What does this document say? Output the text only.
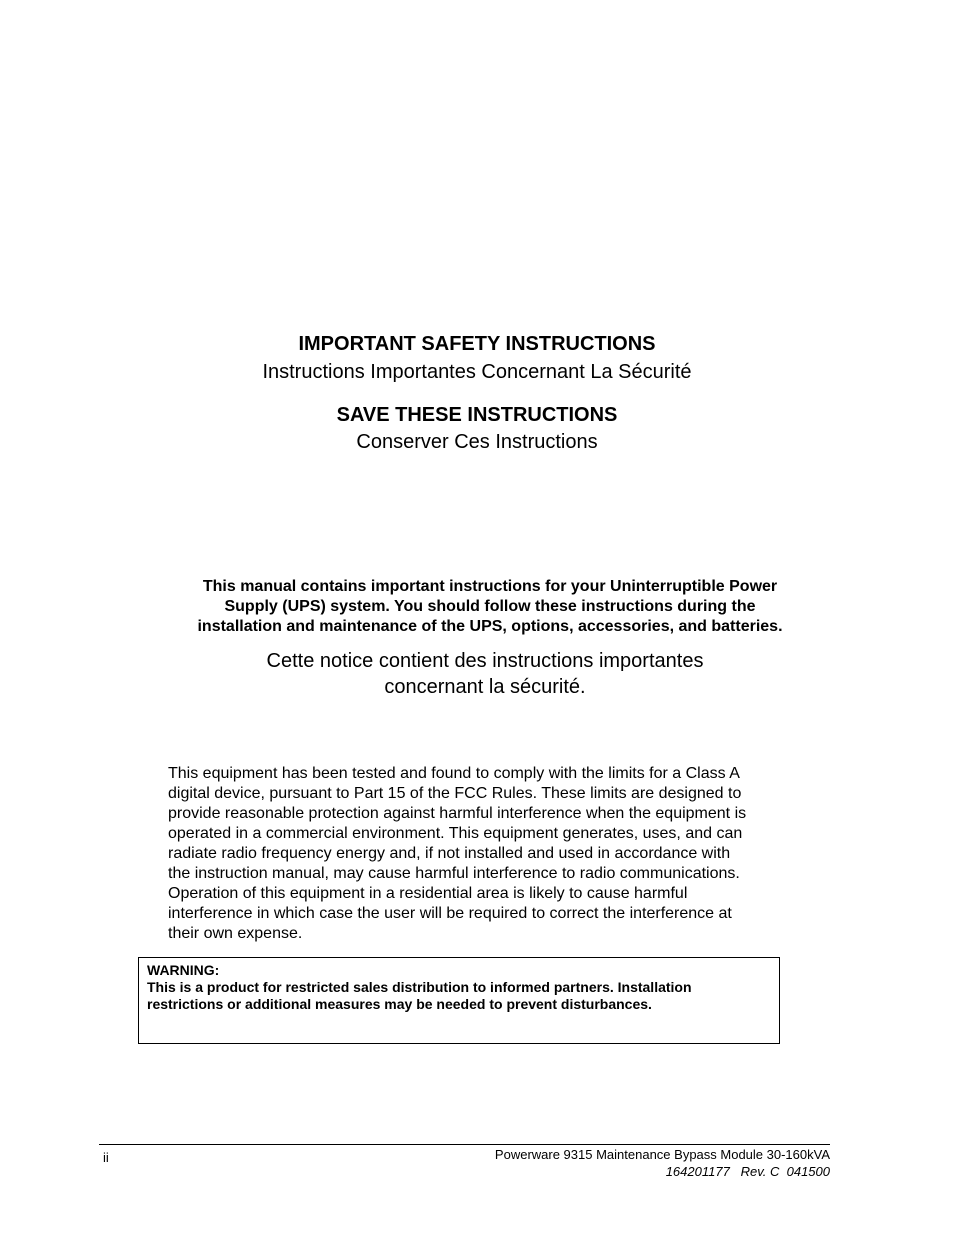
IMPORTANT SAFETY INSTRUCTIONS
Instructions Importantes Concernant La Sécurité
SAVE THESE INSTRUCTIONS
Conserver Ces Instructions
This manual contains important instructions for your Uninterruptible Power
Supply (UPS) system. You should follow these instructions during the
installation and maintenance of the UPS, options, accessories, and batteries.
Cette notice contient des instructions importantes
concernant la sécurité.

This equipment has been tested and found to comply with the limits for a Class A

digital device, pursuant to Part 15 of the FCC Rules. These limits are designed to

provide reasonable protection against harmful interference when the equipment is

operated in a commercial environment. This equipment generates, uses, and can

radiate radio frequency energy and, if not installed and used in accordance with

the instruction manual, may cause harmful interference to radio communications.

Operation of this equipment in a residential area is likely to cause harmful

interference in which case the user will be required to correct the interference at

their own expense.

WARNING:
This is a product for restricted sales distribution to informed partners. Installation
restrictions or additional measures may be needed to prevent disturbances.
ii	Powerware 9315 Maintenance Bypass Module 30-160kVA
164201177   Rev. C  041500
